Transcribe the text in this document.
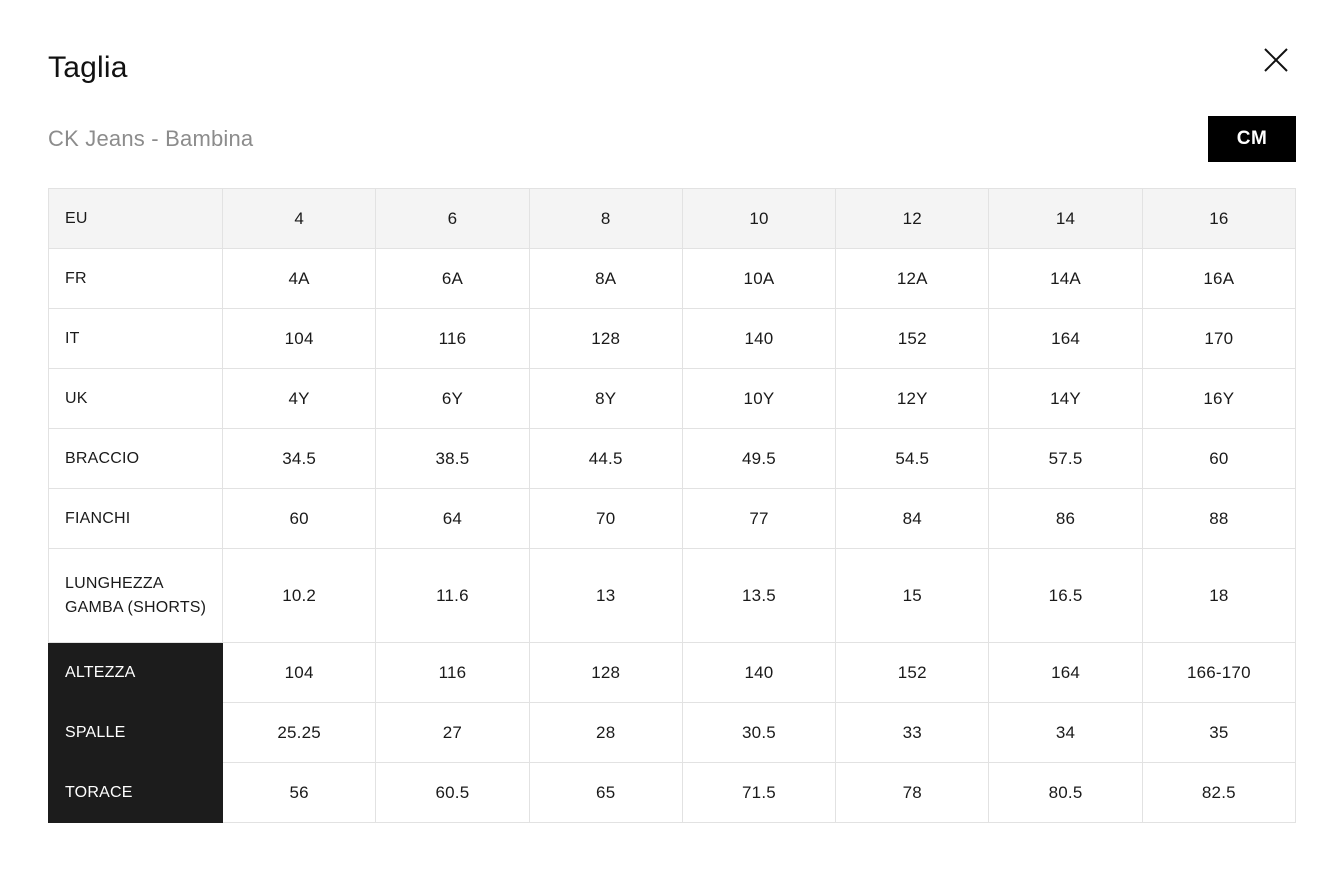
Taglia
CK Jeans - Bambina	CM
EU	4	6	8	10	12	14	16
FR	4A	6A	8A	10A	12A	14A	16A
IT	104	116	128	140	152	164	170
UK	4Y	6Y	8Y	10Y	12Y	14Y	16Y
BRACCIO	34.5	38.5	44.5	49.5	54.5	57.5	60
FIANCHI	60	64	70	77	84	86	88
LUNGHEZZA GAMBA (SHORTS)	10.2	11.6	13	13.5	15	16.5	18
ALTEZZA	104	116	128	140	152	164	166-170
SPALLE	25.25	27	28	30.5	33	34	35
TORACE	56	60.5	65	71.5	78	80.5	82.5
